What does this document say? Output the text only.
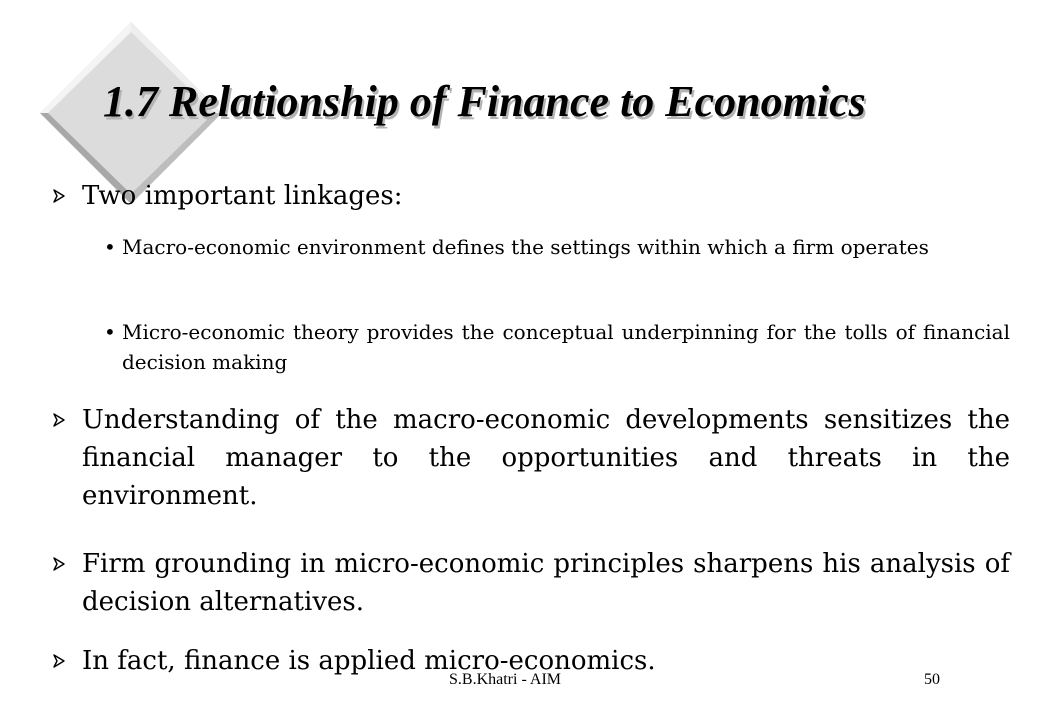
1.7 Relationship of Finance to Economics
Two important linkages:
• Macro-economic environment defines the settings within which a firm operates
• Micro-economic theory provides the conceptual underpinning for the tolls of financial decision making
Understanding of the macro-economic developments sensitizes the financial manager to the opportunities and threats in the environment.
Firm grounding in micro-economic principles sharpens his analysis of decision alternatives.
In fact, finance is applied micro-economics.
S.B.Khatri - AIM	50
